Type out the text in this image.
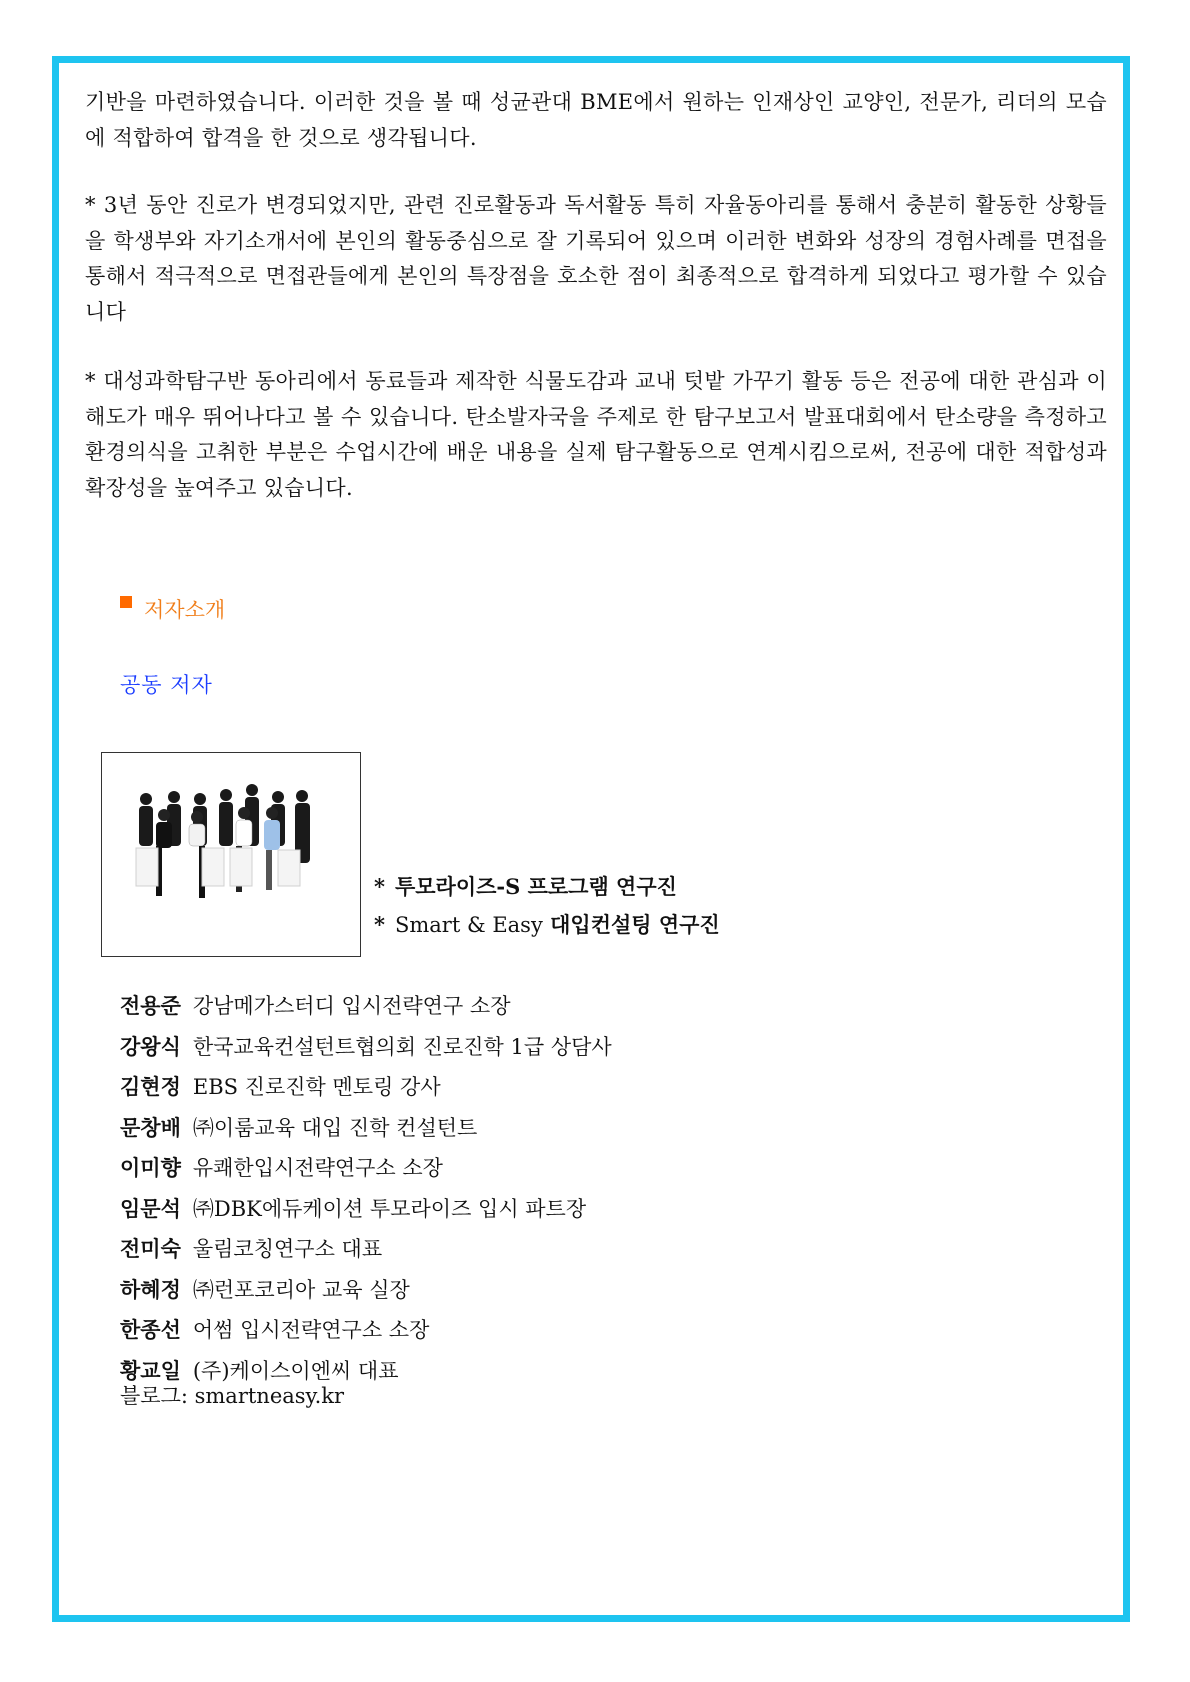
기반을 마련하였습니다. 이러한 것을 볼 때 성균관대 BME에서 원하는 인재상인 교양인, 전문가, 리더의 모습에 적합하여 합격을 한 것으로 생각됩니다.

* 3년 동안 진로가 변경되었지만, 관련 진로활동과 독서활동 특히 자율동아리를 통해서 충분히 활동한 상황들을 학생부와 자기소개서에 본인의 활동중심으로 잘 기록되어 있으며 이러한 변화와 성장의 경험사례를 면접을 통해서 적극적으로 면접관들에게 본인의 특장점을 호소한 점이 최종적으로 합격하게 되었다고 평가할 수 있습니다

* 대성과학탐구반 동아리에서 동료들과 제작한 식물도감과 교내 텃밭 가꾸기 활동 등은 전공에 대한 관심과 이해도가 매우 뛰어나다고 볼 수 있습니다. 탄소발자국을 주제로 한 탐구보고서 발표대회에서 탄소량을 측정하고 환경의식을 고취한 부분은 수업시간에 배운 내용을 실제 탐구활동으로 연계시킴으로써, 전공에 대한 적합성과 확장성을 높여주고 있습니다.

저자소개
공동 저자
* 투모라이즈-S 프로그램 연구진
* Smart & Easy 대입컨설팅 연구진
전용준 강남메가스터디 입시전략연구 소장
강왕식 한국교육컨설턴트협의회 진로진학 1급 상담사
김현정 EBS 진로진학 멘토링 강사
문창배 ㈜이룸교육 대입 진학 컨설턴트
이미향 유쾌한입시전략연구소 소장
임문석 ㈜DBK에듀케이션 투모라이즈 입시 파트장
전미숙 울림코칭연구소 대표
하혜정 ㈜런포코리아 교육 실장
한종선 어썸 입시전략연구소 소장
황교일 (주)케이스이엔씨 대표
블로그: smartneasy.kr
